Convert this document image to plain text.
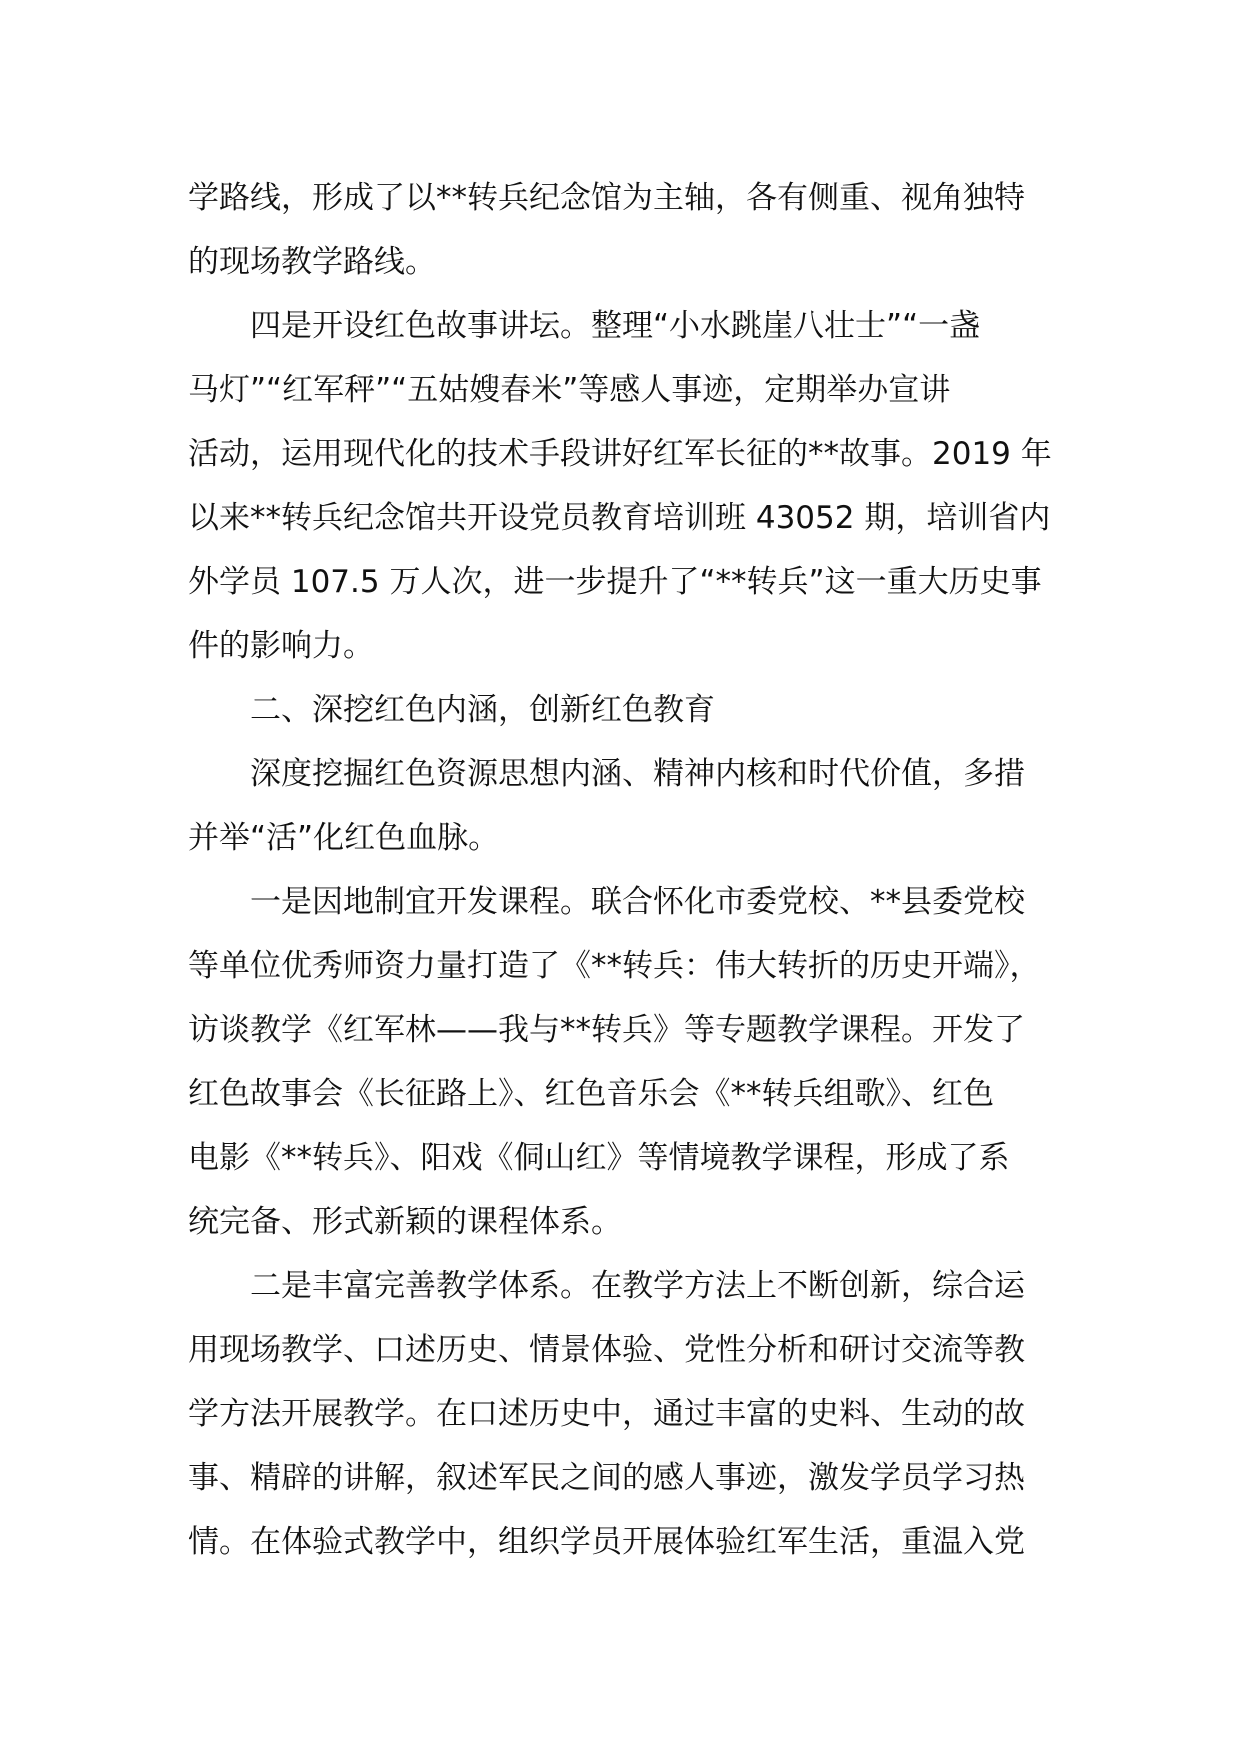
学路线，形成了以**转兵纪念馆为主轴，各有侧重、视角独特
的现场教学路线。
四是开设红色故事讲坛。整理“小水跳崖八壮士”“一盏
马灯”“红军秤”“五姑嫂春米”等感人事迹，定期举办宣讲
活动，运用现代化的技术手段讲好红军长征的**故事。2019 年
以来**转兵纪念馆共开设党员教育培训班 43052 期，培训省内
外学员 107.5 万人次，进一步提升了“**转兵”这一重大历史事
件的影响力。
二、深挖红色内涵，创新红色教育
深度挖掘红色资源思想内涵、精神内核和时代价值，多措
并举“活”化红色血脉。
一是因地制宜开发课程。联合怀化市委党校、**县委党校
等单位优秀师资力量打造了《**转兵：伟大转折的历史开端》，
访谈教学《红军林——我与**转兵》等专题教学课程。开发了
红色故事会《长征路上》、红色音乐会《**转兵组歌》、红色
电影《**转兵》、阳戏《侗山红》等情境教学课程，形成了系
统完备、形式新颖的课程体系。
二是丰富完善教学体系。在教学方法上不断创新，综合运
用现场教学、口述历史、情景体验、党性分析和研讨交流等教
学方法开展教学。在口述历史中，通过丰富的史料、生动的故
事、精辟的讲解，叙述军民之间的感人事迹，激发学员学习热
情。在体验式教学中，组织学员开展体验红军生活，重温入党
